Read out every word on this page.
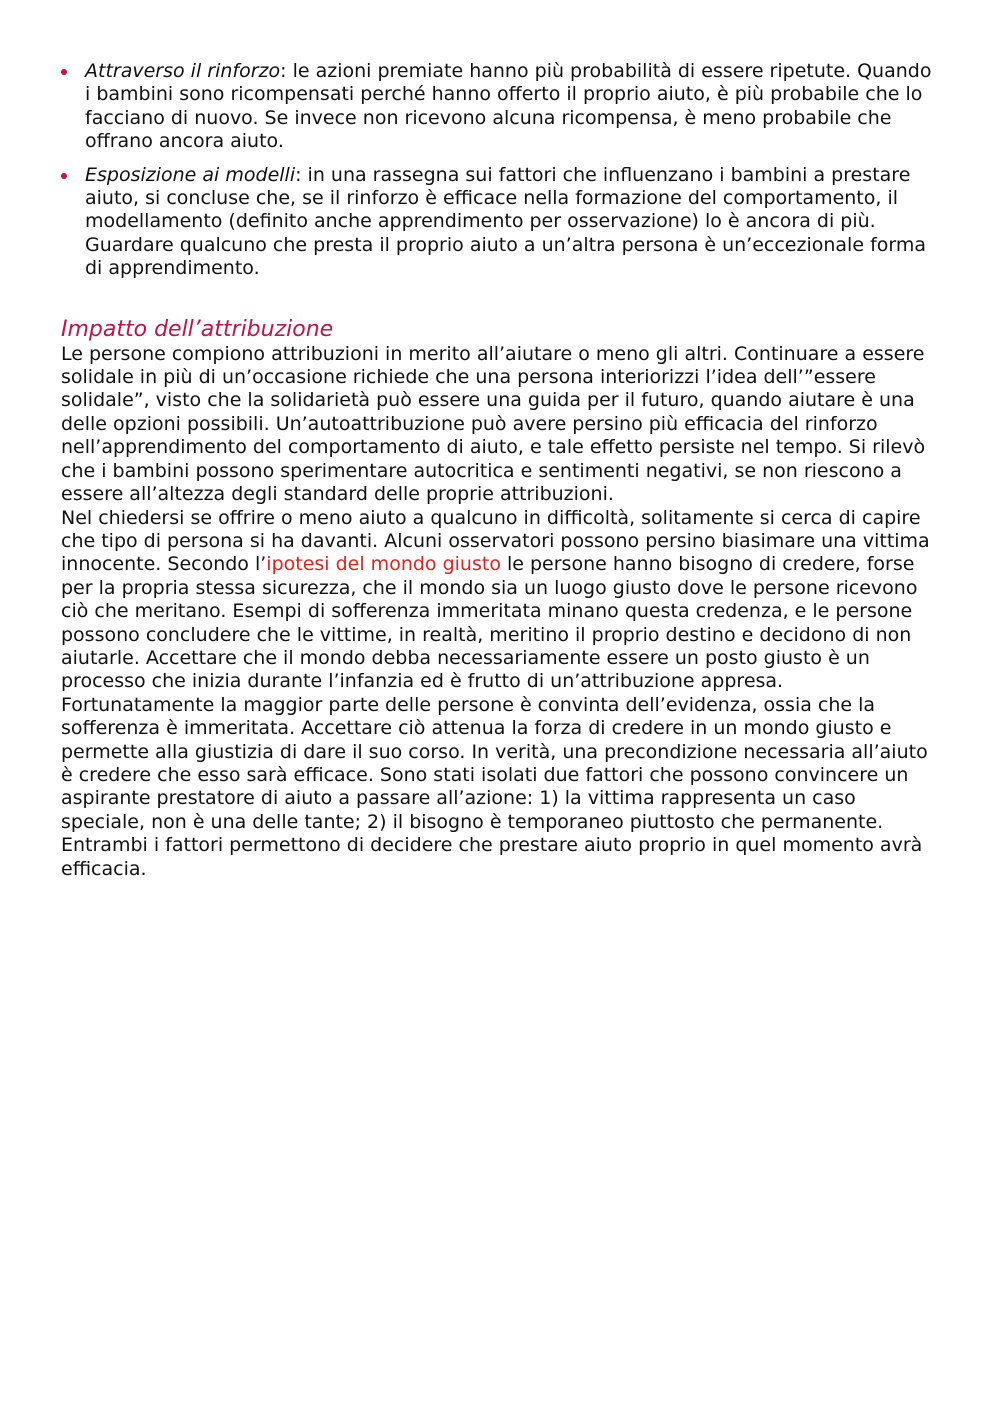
Attraverso il rinforzo: le azioni premiate hanno più probabilità di essere ripetute. Quando i bambini sono ricompensati perché hanno offerto il proprio aiuto, è più probabile che lo facciano di nuovo. Se invece non ricevono alcuna ricompensa, è meno probabile che offrano ancora aiuto.
Esposizione ai modelli: in una rassegna sui fattori che influenzano i bambini a prestare aiuto, si concluse che, se il rinforzo è efficace nella formazione del comportamento, il modellamento (definito anche apprendimento per osservazione) lo è ancora di più. Guardare qualcuno che presta il proprio aiuto a un’altra persona è un’eccezionale forma di apprendimento.
Impatto dell’attribuzione

Le persone compiono attribuzioni in merito all’aiutare o meno gli altri. Continuare a essere solidale in più di un’occasione richiede che una persona interiorizzi l’idea dell’”essere solidale”, visto che la solidarietà può essere una guida per il futuro, quando aiutare è una delle opzioni possibili. Un’autoattribuzione può avere persino più efficacia del rinforzo nell’apprendimento del comportamento di aiuto, e tale effetto persiste nel tempo. Si rilevò che i bambini possono sperimentare autocritica e sentimenti negativi, se non riescono a essere all’altezza degli standard delle proprie attribuzioni.

Nel chiedersi se offrire o meno aiuto a qualcuno in difficoltà, solitamente si cerca di capire che tipo di persona si ha davanti. Alcuni osservatori possono persino biasimare una vittima innocente. Secondo l’ipotesi del mondo giusto le persone hanno bisogno di credere, forse per la propria stessa sicurezza, che il mondo sia un luogo giusto dove le persone ricevono ciò che meritano. Esempi di sofferenza immeritata minano questa credenza, e le persone possono concludere che le vittime, in realtà, meritino il proprio destino e decidono di non aiutarle. Accettare che il mondo debba necessariamente essere un posto giusto è un processo che inizia durante l’infanzia ed è frutto di un’attribuzione appresa.

Fortunatamente la maggior parte delle persone è convinta dell’evidenza, ossia che la sofferenza è immeritata. Accettare ciò attenua la forza di credere in un mondo giusto e permette alla giustizia di dare il suo corso. In verità, una precondizione necessaria all’aiuto è credere che esso sarà efficace. Sono stati isolati due fattori che possono convincere un aspirante prestatore di aiuto a passare all’azione: 1) la vittima rappresenta un caso speciale, non è una delle tante; 2) il bisogno è temporaneo piuttosto che permanente. Entrambi i fattori permettono di decidere che prestare aiuto proprio in quel momento avrà efficacia.
